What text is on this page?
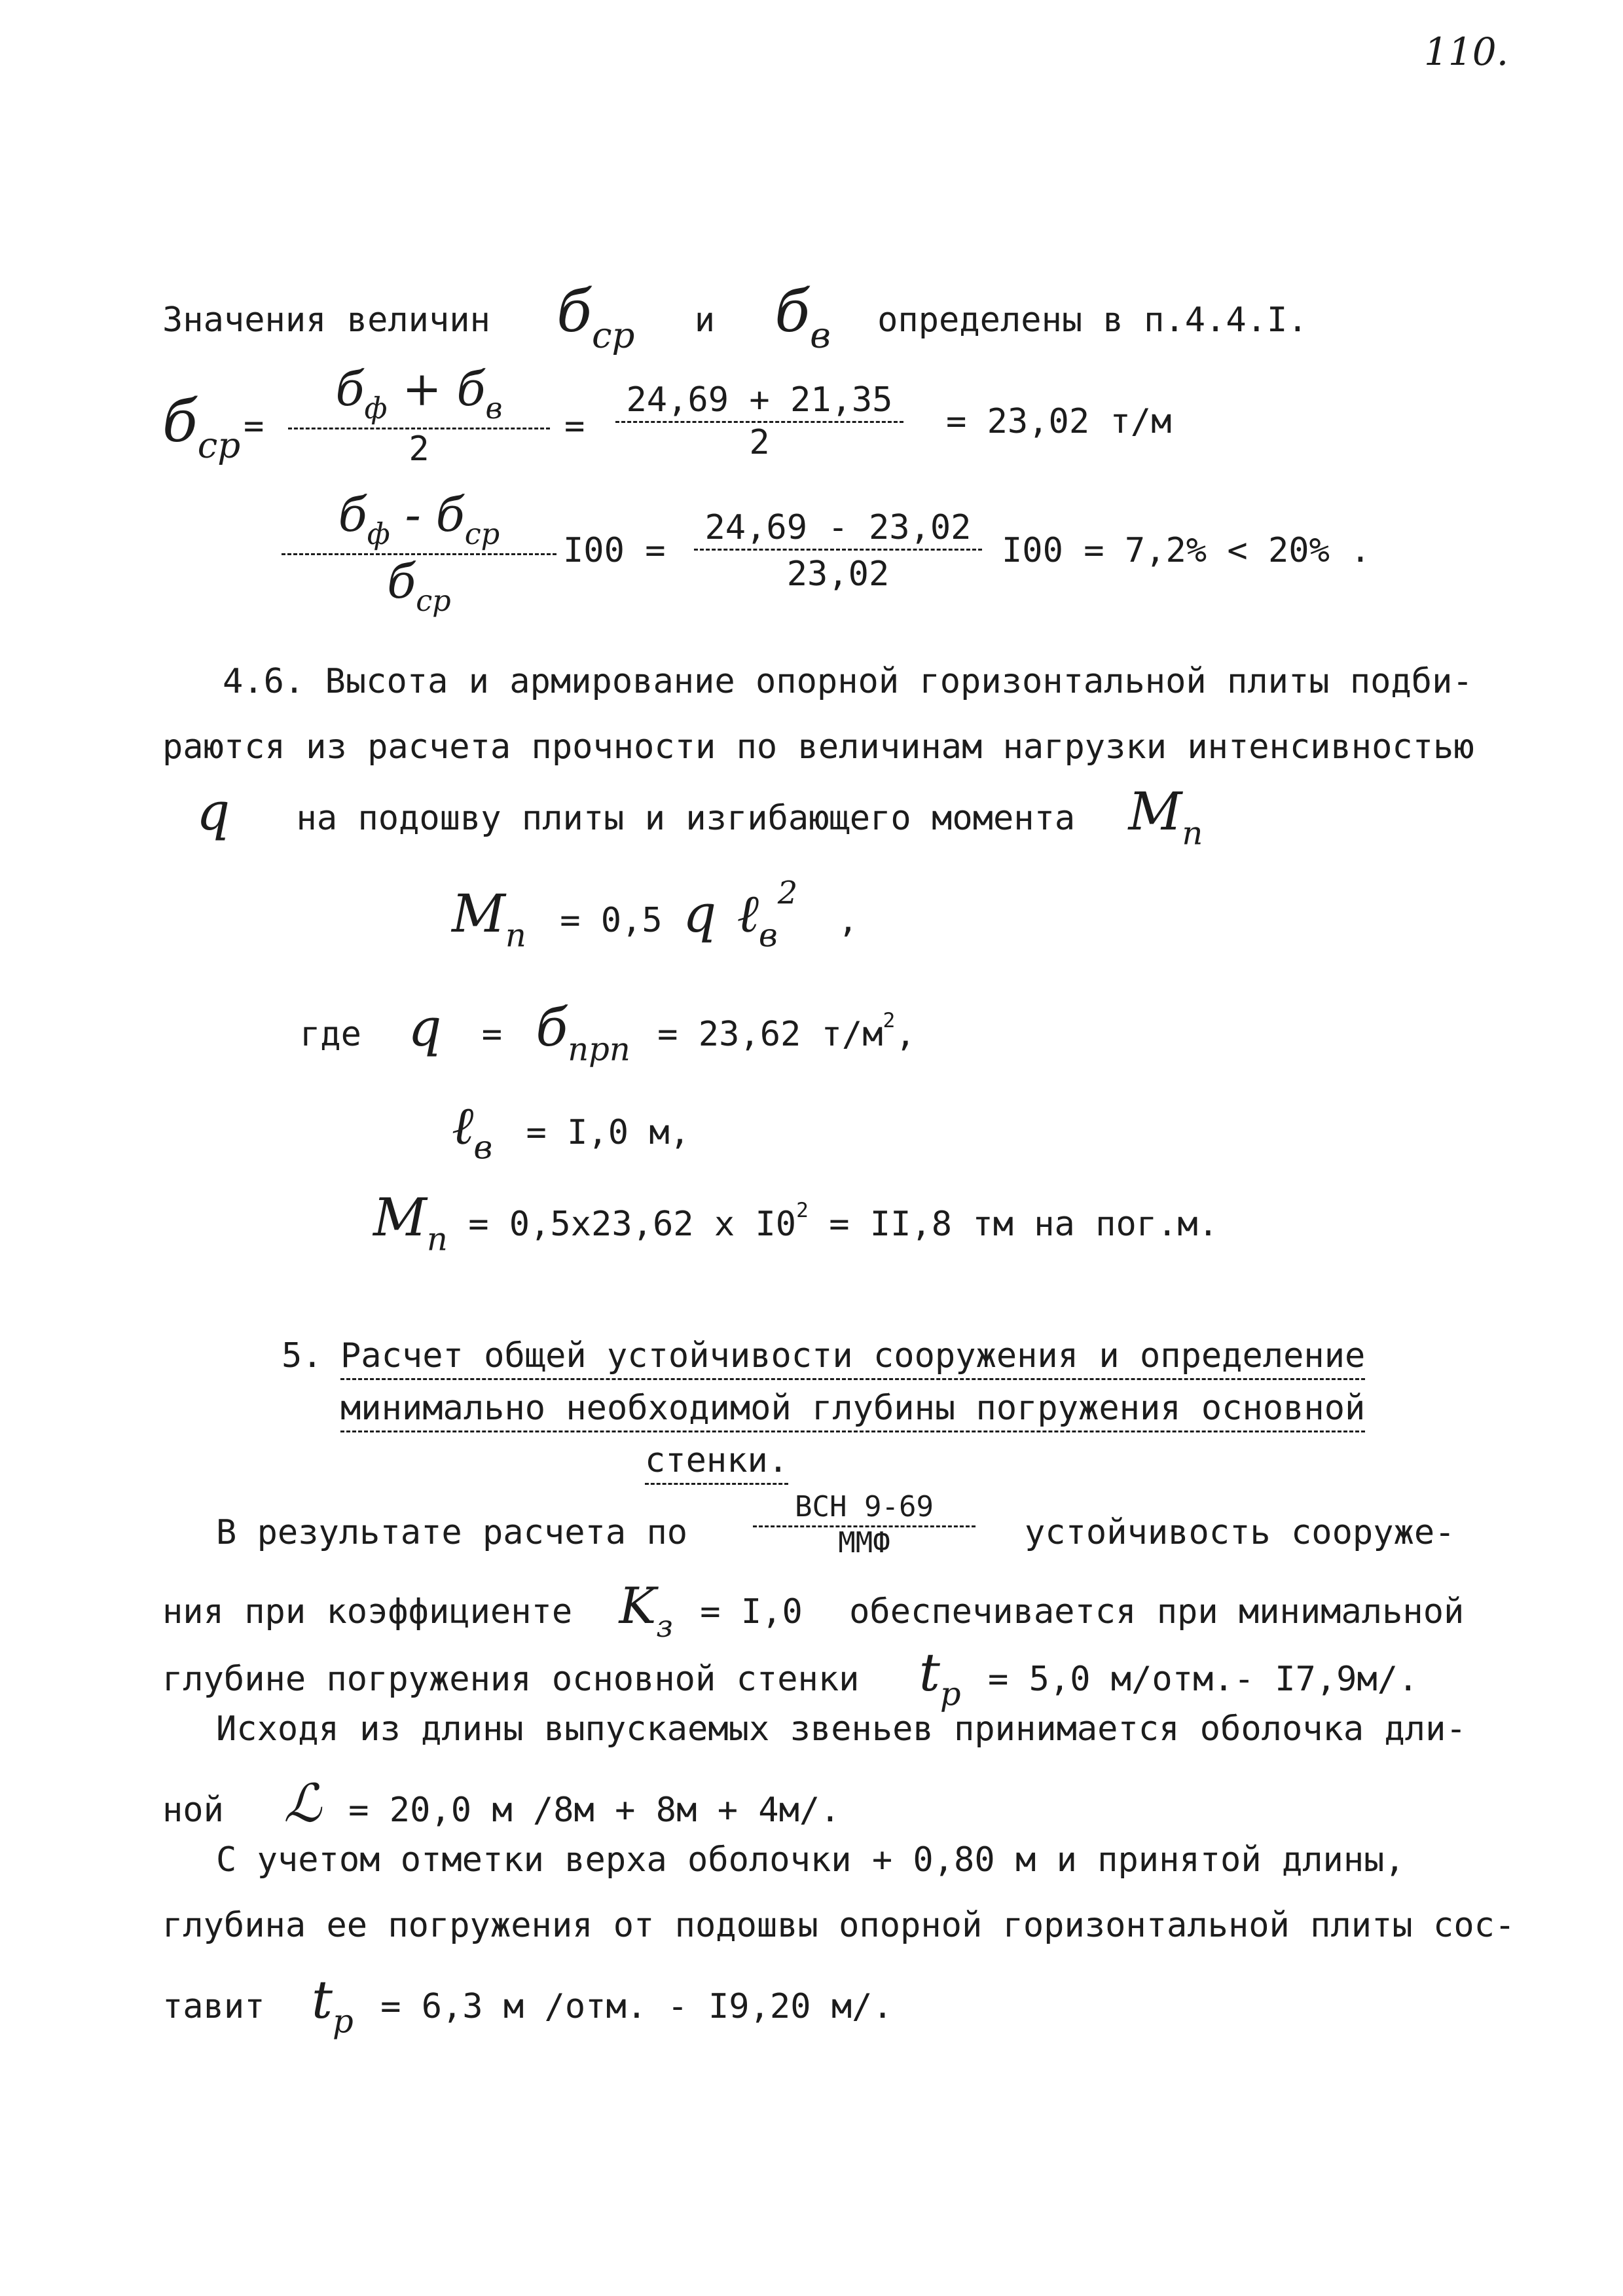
110.
Значения величин $б_{ср}$ и $б_в$ определены в п.4.4.I.
$б_{ср}$ =
$б_ф + б_в$
2
= $\frac{24,69 + 21,35}{2} = 23,02$ т/м
$б_ф - б_{ср}$
$б_{ср}$
$I00 = \frac{24,69 - 23,02}{23,02} I00 = 7,2\% < 20\%$ .
4.6. Высота и армирование опорной горизонтальной плиты подби-
раются из расчета прочности по величинам нагрузки интенсивностью
q на подошву плиты и изгибающего момента $M_п$
$M_п = 0,5$ q ℓ$_в^2$ ,
где $q = б_{прп} = 23,62$ $т/м^2$,
ℓ$_в$ = I,0 м,
$M_п = 0,5x23,62$ x $I0^2 = II,8$ тм на пог.м.
5. Расчет общей устойчивости сооружения и определение
минимально необходимой глубины погружения основной
стенки.
В результате расчета по
ВСН 9-69
ММФ	устойчивость сооруже-
ния при коэффициенте $K_з = I,0$ обеспечивается при минимальной
глубине погружения основной стенки $t_р = 5,0$ м/отм.- I7,9м/.
Исходя из длины выпускаемых звеньев принимается оболочка дли-
ной ℒ = 20,0 м /8м + 8м + 4м/.
С учетом отметки верха оболочки + 0,80 м и принятой длины,
глубина ее погружения от подошвы опорной горизонтальной плиты сос-
тавит $t_р = 6,3$ м /отм. - I9,20 м/.
